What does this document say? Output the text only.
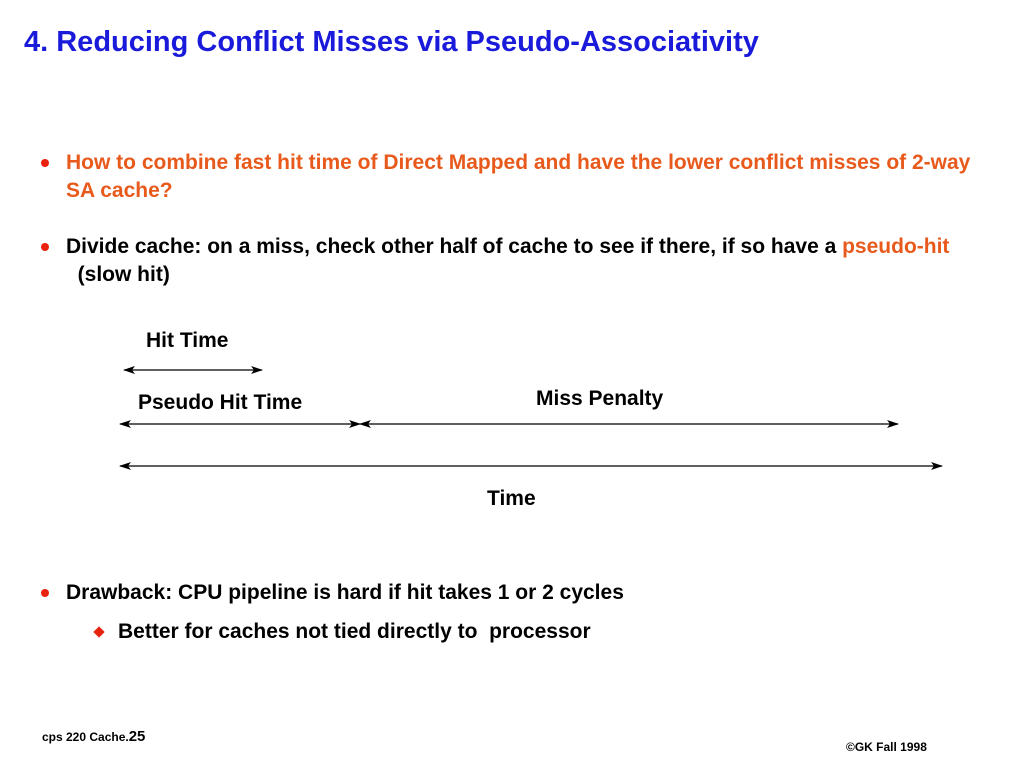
4. Reducing Conflict Misses via Pseudo-Associativity
How to combine fast hit time of Direct Mapped and have the lower conflict misses of 2-way SA cache?
Divide cache: on a miss, check other half of cache to see if there, if so have a pseudo-hit  (slow hit)
Hit Time
Pseudo Hit Time	Miss Penalty
Time
Drawback: CPU pipeline is hard if hit takes 1 or 2 cycles
Better for caches not tied directly to  processor
cps 220 Cache.25
©GK Fall 1998
